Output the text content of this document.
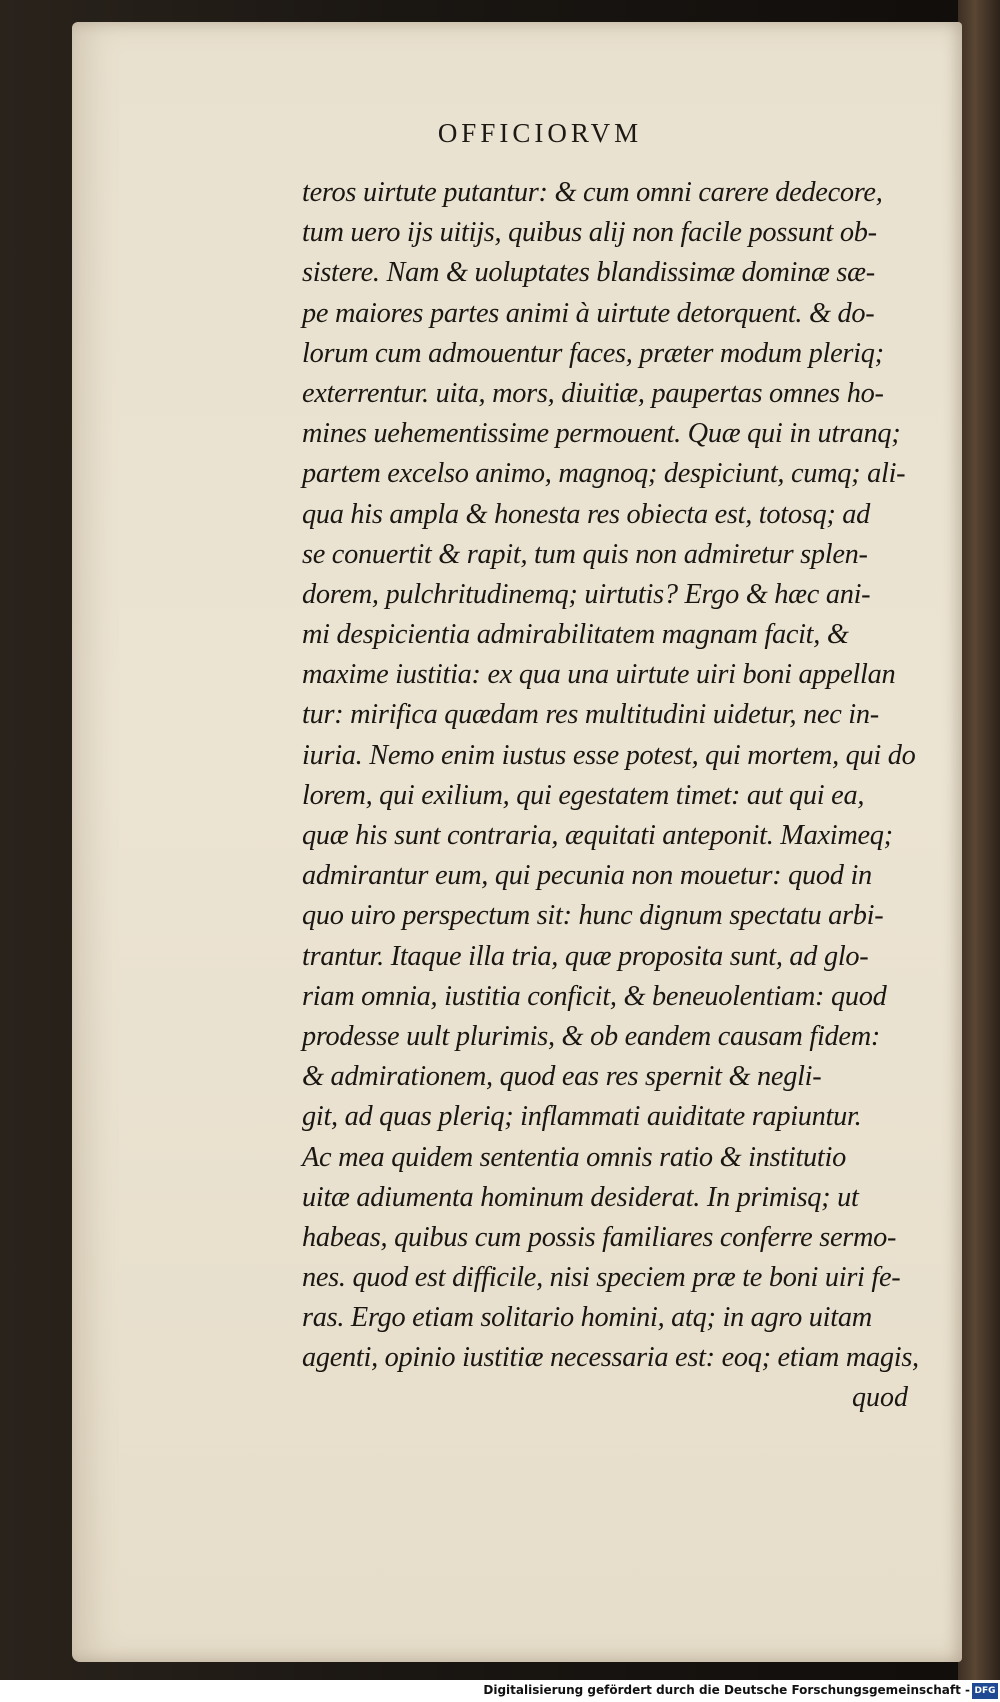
OFFICIORVM
teros uirtute putantur: & cum omni carere dedecore,
tum uero ijs uitijs, quibus alij non facile possunt ob-
sistere. Nam & uoluptates blandissimæ dominæ sæ-
pe maiores partes animi à uirtute detorquent. & do-
lorum cum admouentur faces, præter modum pleriq;
exterrentur. uita, mors, diuitiæ, paupertas omnes ho-
mines uehementissime permouent. Quæ qui in utranq;
partem excelso animo, magnoq; despiciunt, cumq; ali-
qua his ampla & honesta res obiecta est, totosq; ad
se conuertit & rapit, tum quis non admiretur splen-
dorem, pulchritudinemq; uirtutis? Ergo & hæc ani-
mi despicientia admirabilitatem magnam facit, &
maxime iustitia: ex qua una uirtute uiri boni appellan
tur: mirifica quædam res multitudini uidetur, nec in-
iuria. Nemo enim iustus esse potest, qui mortem, qui do
lorem, qui exilium, qui egestatem timet: aut qui ea,
quæ his sunt contraria, æquitati anteponit. Maximeq;
admirantur eum, qui pecunia non mouetur: quod in
quo uiro perspectum sit: hunc dignum spectatu arbi-
trantur. Itaque illa tria, quæ proposita sunt, ad glo-
riam omnia, iustitia conficit, & beneuolentiam: quod
prodesse uult plurimis, & ob eandem causam fidem:
& admirationem, quod eas res spernit & negli-
git, ad quas pleriq; inflammati auiditate rapiuntur.
Ac mea quidem sententia omnis ratio & institutio
uitæ adiumenta hominum desiderat. In primisq; ut
habeas, quibus cum possis familiares conferre sermo-
nes. quod est difficile, nisi speciem præ te boni uiri fe-
ras. Ergo etiam solitario homini, atq; in agro uitam
agenti, opinio iustitiæ necessaria est: eoq; etiam magis,

quod

Digitalisierung gefördert durch die Deutsche Forschungsgemeinschaft - DFG
